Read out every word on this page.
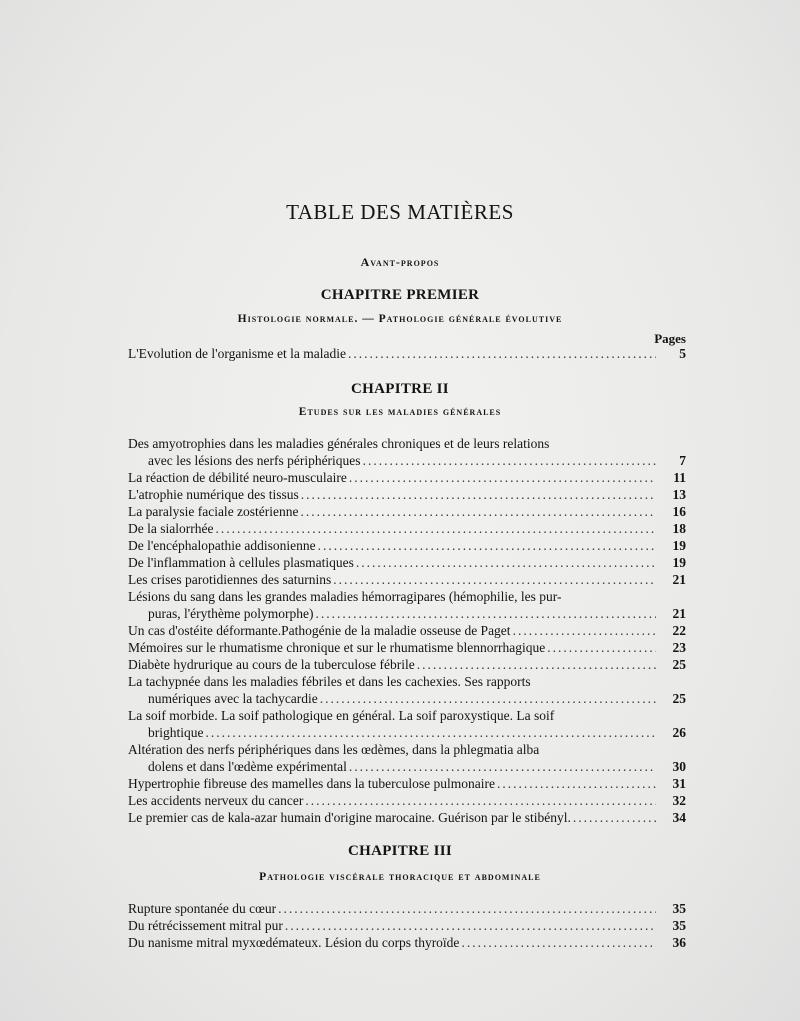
TABLE DES MATIÈRES
Avant-propos
CHAPITRE PREMIER
Histologie normale. — Pathologie générale évolutive
Pages
L'Evolution de l'organisme et la maladie .....	5
CHAPITRE II
Etudes sur les maladies générales
Des amyotrophies dans les maladies générales chroniques et de leurs relations
avec les lésions des nerfs périphériques .....	7
La réaction de débilité neuro-musculaire .....	11
L'atrophie numérique des tissus .....	13
La paralysie faciale zostérienne .....	16
De la sialorrhée .....	18
De l'encéphalopathie addisonienne .....	19
De l'inflammation à cellules plasmatiques .....	19
Les crises parotidiennes des saturnins .....	21
Lésions du sang dans les grandes maladies hémorragipares (hémophilie, les pur-
puras, l'érythème polymorphe) .....	21
Un cas d'ostéite déformante.Pathogénie de la maladie osseuse de Paget .....	22
Mémoires sur le rhumatisme chronique et sur le rhumatisme blennorrhagique .....	23
Diabète hydrurique au cours de la tuberculose fébrile .....	25
La tachypnée dans les maladies fébriles et dans les cachexies. Ses rapports
numériques avec la tachycardie .....	25
La soif morbide. La soif pathologique en général. La soif paroxystique. La soif
brightique .....	26
Altération des nerfs périphériques dans les œdèmes, dans la phlegmatia alba
dolens et dans l'œdème expérimental .....	30
Hypertrophie fibreuse des mamelles dans la tuberculose pulmonaire .....	31
Les accidents nerveux du cancer .....	32
Le premier cas de kala-azar humain d'origine marocaine. Guérison par le stibényl. .....	34
CHAPITRE III
Pathologie viscérale thoracique et abdominale
Rupture spontanée du cœur .....	35
Du rétrécissement mitral pur .....	35
Du nanisme mitral myxœdémateux. Lésion du corps thyroïde .....	36
